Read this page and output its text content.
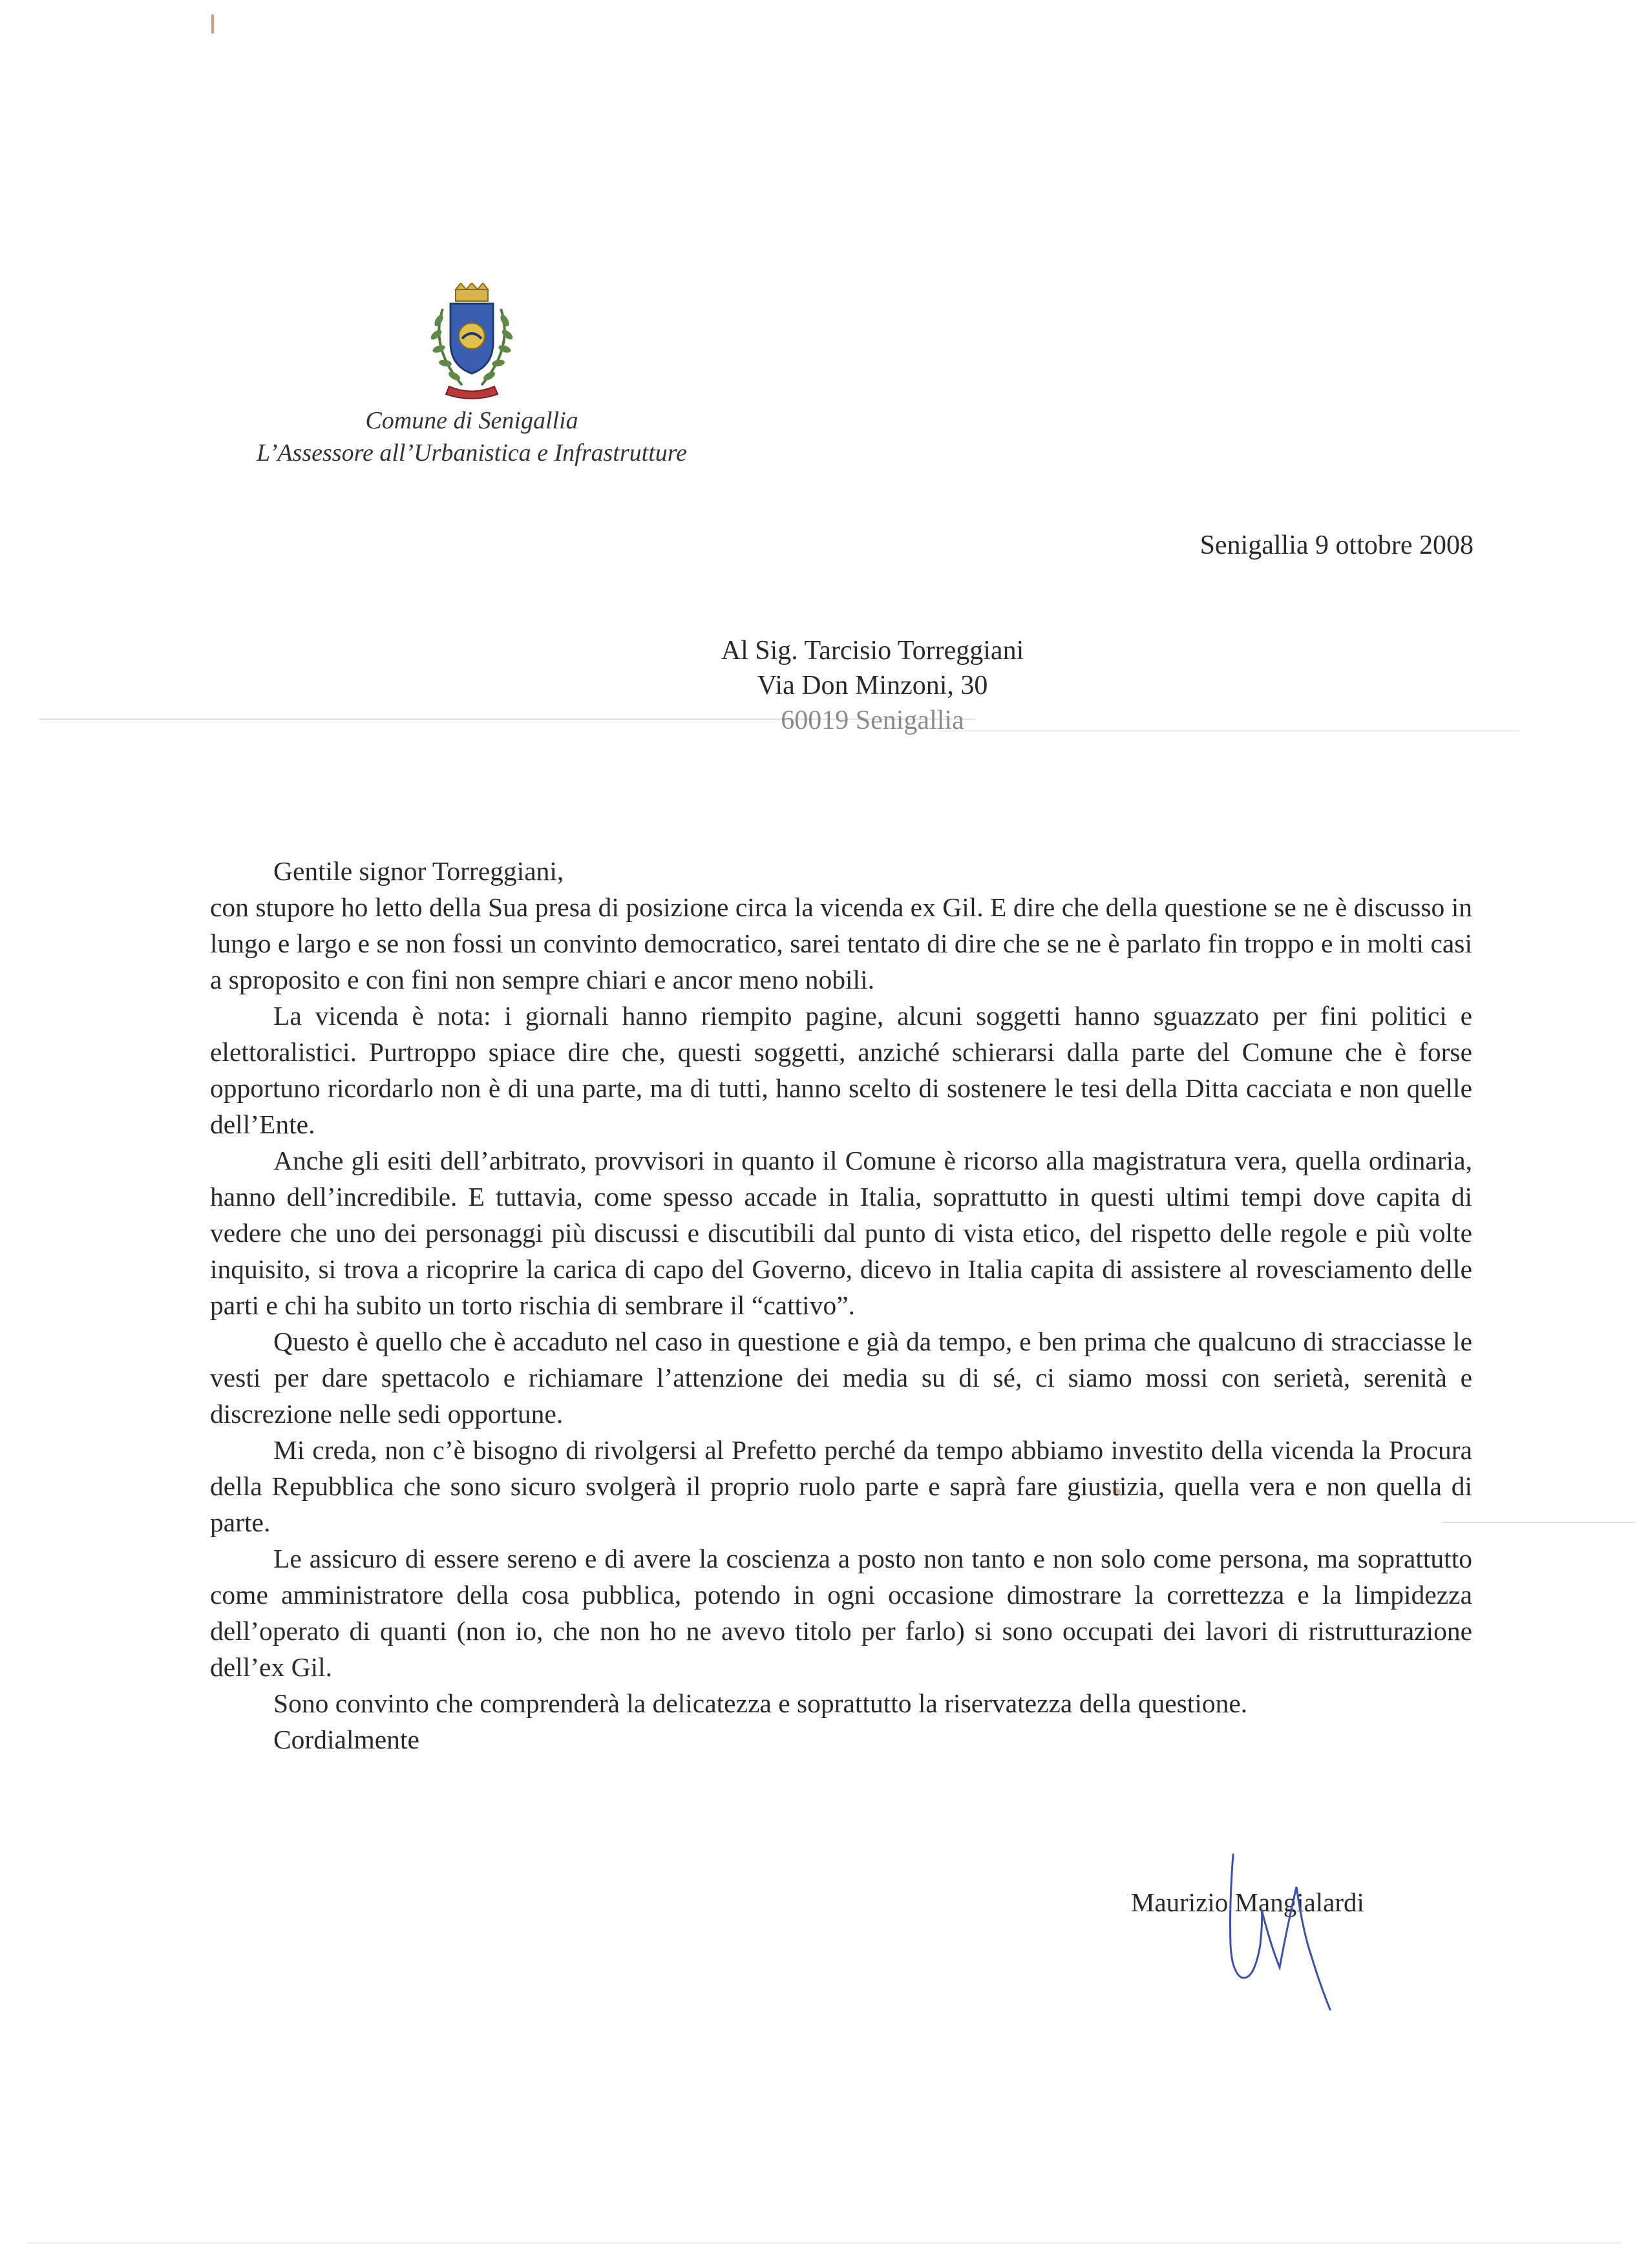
Comune di Senigallia
L’Assessore all’Urbanistica e Infrastrutture
Senigallia 9 ottobre 2008
Al Sig. Tarcisio Torreggiani
Via Don Minzoni, 30
60019 Senigallia
Gentile signor Torreggiani,

con stupore ho letto della Sua presa di posizione circa la vicenda ex Gil. E dire che della questione se ne è discusso in lungo e largo e se non fossi un convinto democratico, sarei tentato di dire che se ne è parlato fin troppo e in molti casi a sproposito e con fini non sempre chiari e ancor meno nobili.

La vicenda è nota: i giornali hanno riempito pagine, alcuni soggetti hanno sguazzato per fini politici e elettoralistici. Purtroppo spiace dire che, questi soggetti, anziché schierarsi dalla parte del Comune che è forse opportuno ricordarlo non è di una parte, ma di tutti, hanno scelto di sostenere le tesi della Ditta cacciata e non quelle dell’Ente.

Anche gli esiti dell’arbitrato, provvisori in quanto il Comune è ricorso alla magistratura vera, quella ordinaria, hanno dell’incredibile. E tuttavia, come spesso accade in Italia, soprattutto in questi ultimi tempi dove capita di vedere che uno dei personaggi più discussi e discutibili dal punto di vista etico, del rispetto delle regole e più volte inquisito, si trova a ricoprire la carica di capo del Governo, dicevo in Italia capita di assistere al rovesciamento delle parti e chi ha subito un torto rischia di sembrare il “cattivo”.

Questo è quello che è accaduto nel caso in questione e già da tempo, e ben prima che qualcuno di stracciasse le vesti per dare spettacolo e richiamare l’attenzione dei media su di sé, ci siamo mossi con serietà, serenità e discrezione nelle sedi opportune.

Mi creda, non c’è bisogno di rivolgersi al Prefetto perché da tempo abbiamo investito della vicenda la Procura della Repubblica che sono sicuro svolgerà il proprio ruolo parte e saprà fare giustizia, quella vera e non quella di parte.

Le assicuro di essere sereno e di avere la coscienza a posto non tanto e non solo come persona, ma soprattutto come amministratore della cosa pubblica, potendo in ogni occasione dimostrare la correttezza e la limpidezza dell’operato di quanti (non io, che non ho ne avevo titolo per farlo) si sono occupati dei lavori di ristrutturazione dell’ex Gil.

Sono convinto che comprenderà la delicatezza e soprattutto la riservatezza della questione.

Cordialmente

Maurizio Mangialardi
